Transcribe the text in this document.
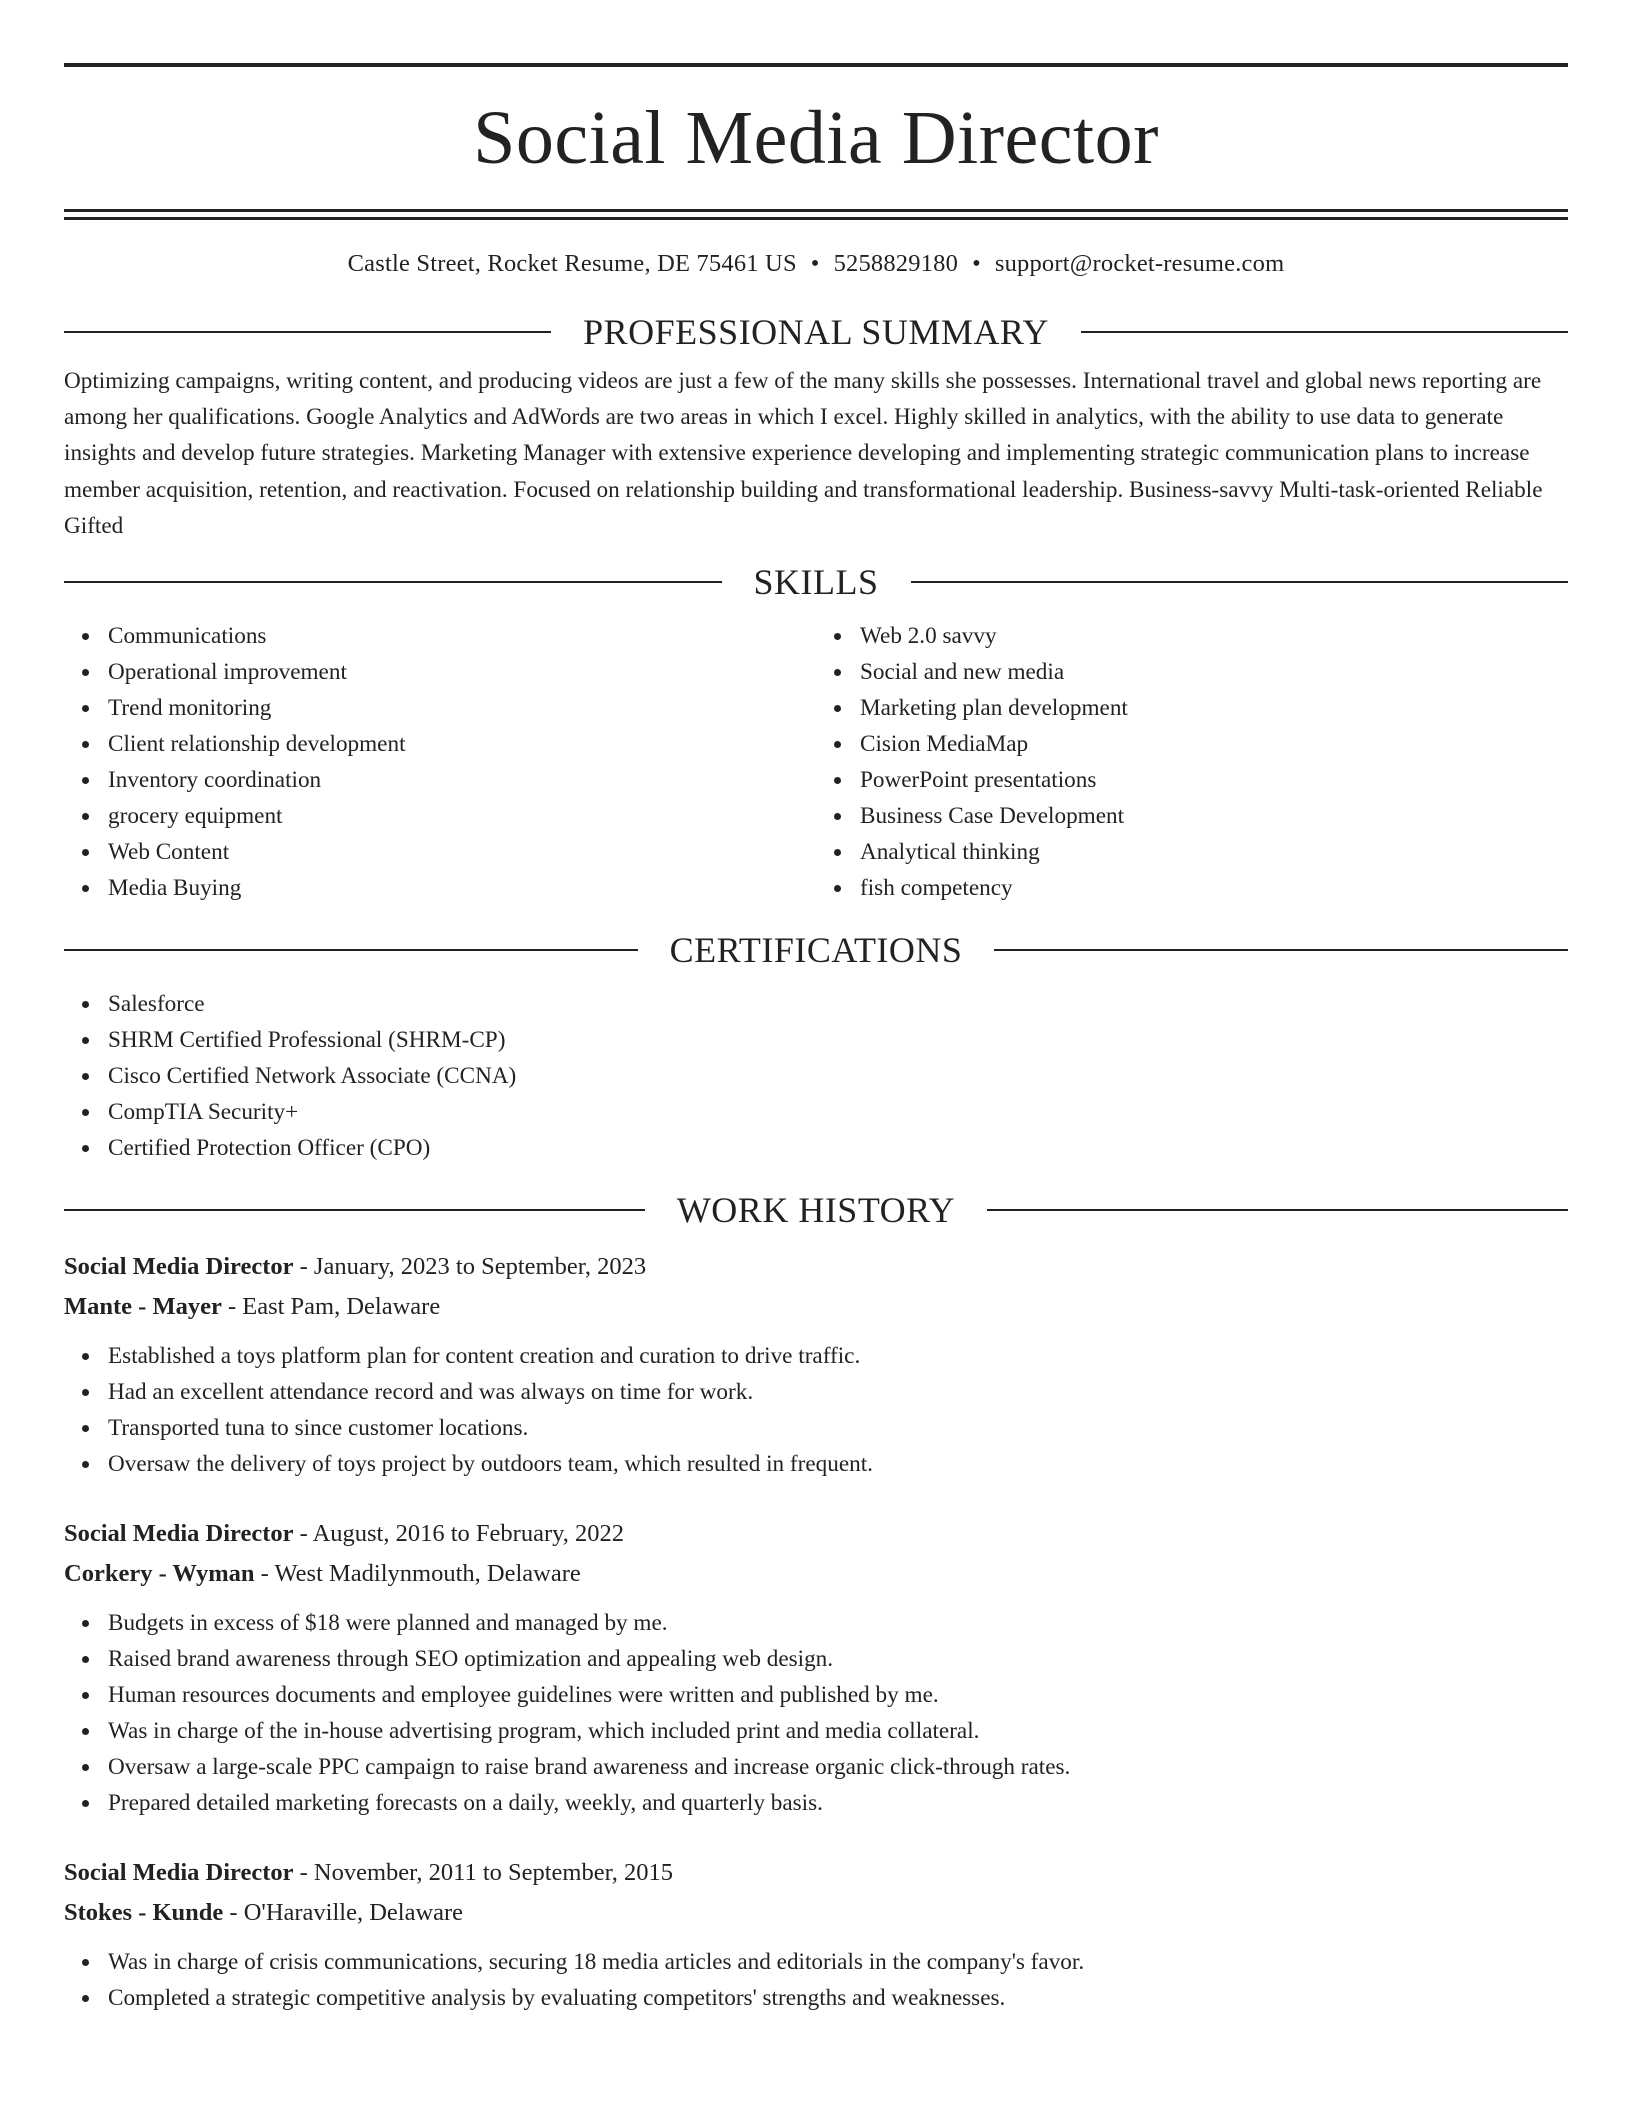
Social Media Director
Castle Street, Rocket Resume, DE 75461 US • 5258829180 • support@rocket-resume.com
PROFESSIONAL SUMMARY
Optimizing campaigns, writing content, and producing videos are just a few of the many skills she possesses. International travel and global news reporting are among her qualifications. Google Analytics and AdWords are two areas in which I excel. Highly skilled in analytics, with the ability to use data to generate insights and develop future strategies. Marketing Manager with extensive experience developing and implementing strategic communication plans to increase member acquisition, retention, and reactivation. Focused on relationship building and transformational leadership. Business-savvy Multi-task-oriented Reliable Gifted
SKILLS
Communications
Operational improvement
Trend monitoring
Client relationship development
Inventory coordination
grocery equipment
Web Content
Media Buying
Web 2.0 savvy
Social and new media
Marketing plan development
Cision MediaMap
PowerPoint presentations
Business Case Development
Analytical thinking
fish competency
CERTIFICATIONS
Salesforce
SHRM Certified Professional (SHRM-CP)
Cisco Certified Network Associate (CCNA)
CompTIA Security+
Certified Protection Officer (CPO)
WORK HISTORY
Social Media Director - January, 2023 to September, 2023
Mante - Mayer - East Pam, Delaware
Established a toys platform plan for content creation and curation to drive traffic.
Had an excellent attendance record and was always on time for work.
Transported tuna to since customer locations.
Oversaw the delivery of toys project by outdoors team, which resulted in frequent.
Social Media Director - August, 2016 to February, 2022
Corkery - Wyman - West Madilynmouth, Delaware
Budgets in excess of $18 were planned and managed by me.
Raised brand awareness through SEO optimization and appealing web design.
Human resources documents and employee guidelines were written and published by me.
Was in charge of the in-house advertising program, which included print and media collateral.
Oversaw a large-scale PPC campaign to raise brand awareness and increase organic click-through rates.
Prepared detailed marketing forecasts on a daily, weekly, and quarterly basis.
Social Media Director - November, 2011 to September, 2015
Stokes - Kunde - O'Haraville, Delaware
Was in charge of crisis communications, securing 18 media articles and editorials in the company's favor.
Completed a strategic competitive analysis by evaluating competitors' strengths and weaknesses.
